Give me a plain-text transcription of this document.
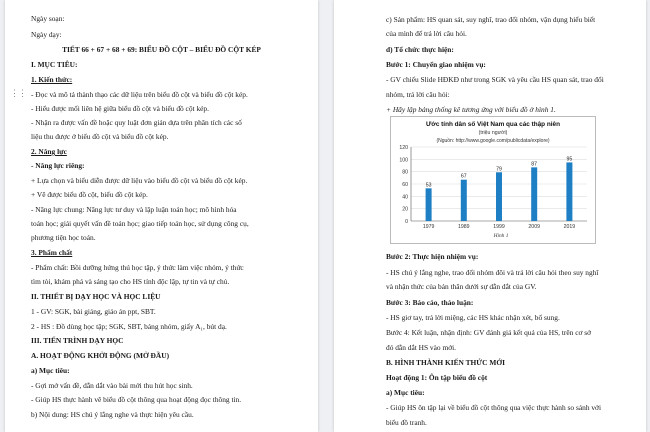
⋮⋮
Ngày soạn:
Ngày dạy:
TIẾT 66 + 67 + 68 + 69: BIỂU ĐỒ CỘT – BIỂU ĐỒ CỘT KÉP
I. MỤC TIÊU:
1. Kiến thức:
- Đọc và mô tả thành thạo các dữ liệu trên biểu đồ cột và biểu đồ cột kép.
- Hiểu được mối liên hệ giữa biểu đồ cột và biểu đồ cột kép.
- Nhận ra được vấn đề hoặc quy luật đơn giản dựa trên phân tích các số
liệu thu được ở biểu đồ cột và biểu đồ cột kép.
2. Năng lực
- Năng lực riêng:
+ Lựa chọn và biểu diễn được dữ liệu vào biểu đồ cột và biểu đồ cột kép.
+ Vẽ được biểu đồ cột, biểu đồ cột kép.
- Năng lực chung: Năng lực tư duy và lập luận toán học; mô hình hóa
toán học; giải quyết vấn đề toán học; giao tiếp toán học, sử dụng công cụ,
phương tiện học toán.
3. Phẩm chất
- Phẩm chất: Bồi dưỡng hứng thú học tập, ý thức làm việc nhóm, ý thức
tìm tòi, khám phá và sáng tạo cho HS tính độc lập, tự tin và tự chủ.
II. THIẾT BỊ DẠY HỌC VÀ HỌC LIỆU
1 - GV: SGK, bài giảng, giáo án ppt, SBT.
2 - HS : Đồ dùng học tập; SGK, SBT, bảng nhóm, giấy A₁, bút dạ.
III. TIẾN TRÌNH DẠY HỌC
A. HOẠT ĐỘNG KHỞI ĐỘNG (MỞ ĐẦU)
a) Mục tiêu:
- Gợi mở vấn đề, dẫn dắt vào bài mới thu hút học sinh.
- Giúp HS thực hành vẽ biểu đồ cột thông qua hoạt động đọc thông tin.
b) Nội dung: HS chú ý lắng nghe và thực hiện yêu cầu.
c) Sản phẩm: HS quan sát, suy nghĩ, trao đổi nhóm, vận dụng hiểu biết
của mình để trả lời câu hỏi.
d) Tổ chức thực hiện:
Bước 1: Chuyển giao nhiệm vụ:
- GV chiếu Slide HĐKĐ như trong SGK và yêu cầu HS quan sát, trao đổi
nhóm, trả lời câu hỏi:
+ Hãy lập bảng thống kê tương ứng với biểu đồ ở hình 1.
Ước tính dân số Việt Nam qua các thập niên
(triệu người)
(Nguồn: http://www.google.com/publicdata/explore)
0
20
40
60
80
100
120
53
1979
67
1989
79
1999
87
2009
95
2019
Hình 1
Bước 2: Thực hiện nhiệm vụ:
- HS chú ý lắng nghe, trao đổi nhóm đôi và trả lời câu hỏi theo suy nghĩ
và nhận thức của bản thân dưới sự dẫn dắt của GV.
Bước 3: Báo cáo, thảo luận:
- HS giơ tay, trả lời miệng, các HS khác nhận xét, bổ sung.
Bước 4: Kết luận, nhận định: GV đánh giá kết quả của HS, trên cơ sở
đó dẫn dắt HS vào mới.
B. HÌNH THÀNH KIẾN THỨC MỚI
Hoạt động 1: Ôn tập biểu đồ cột
a) Mục tiêu:
- Giúp HS ôn tập lại về biểu đồ cột thông qua việc thực hành so sánh với
biểu đồ tranh.
